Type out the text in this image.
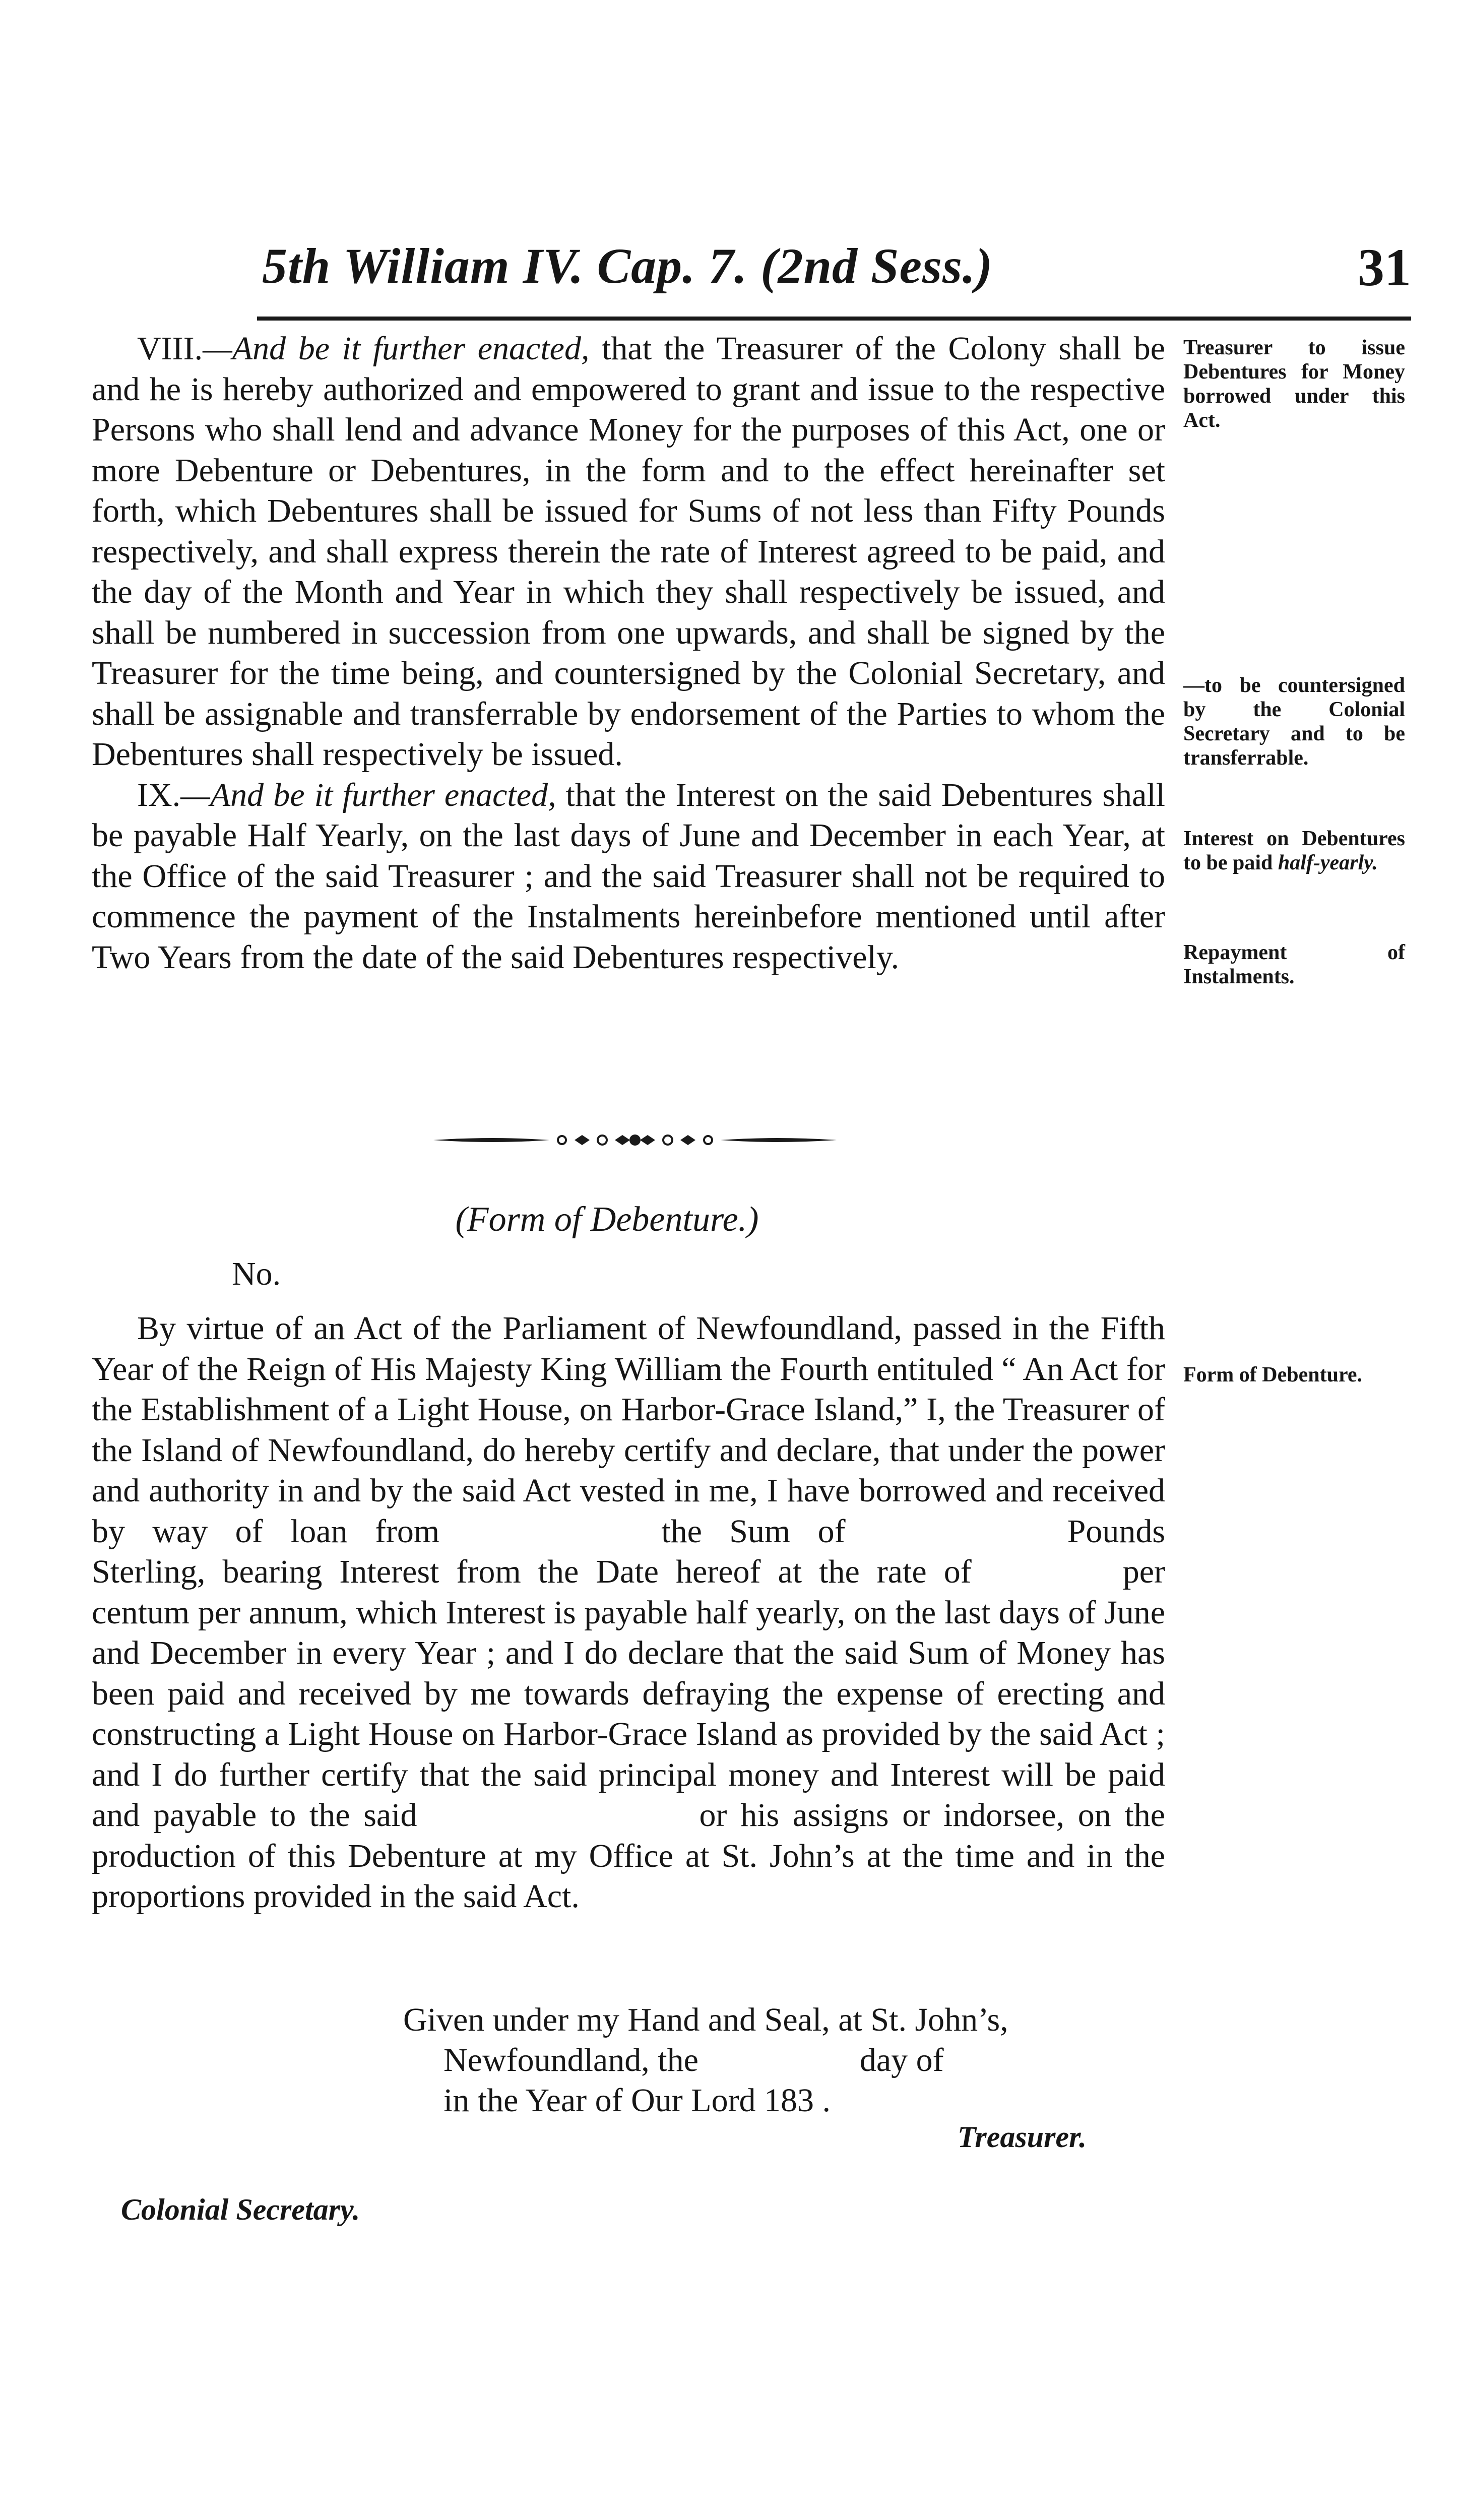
5th William IV. Cap. 7. (2nd Sess.)	31

VIII.—And be it further enacted, that the Treasurer of the Colony shall be and he is hereby authorized and empowered to grant and issue to the respective Persons who shall lend and advance Money for the purposes of this Act, one or more Debenture or Debentures, in the form and to the effect hereinafter set forth, which Debentures shall be issued for Sums of not less than Fifty Pounds respectively, and shall express therein the rate of Interest agreed to be paid, and the day of the Month and Year in which they shall respectively be issued, and shall be numbered in succession from one upwards, and shall be signed by the Treasurer for the time being, and countersigned by the Colonial Secretary, and shall be assignable and transferrable by endorsement of the Parties to whom the Debentures shall respectively be issued.

IX.—And be it further enacted, that the Interest on the said Debentures shall be payable Half Yearly, on the last days of June and December in each Year, at the Office of the said Treasurer ; and the said Treasurer shall not be required to commence the payment of the Instalments hereinbefore mentioned until after Two Years from the date of the said Debentures respectively.

Treasurer to issue Debentures for Money borrowed under this Act.
—to be countersigned by the Colonial Secretary and to be transferrable.
Interest on Debentures to be paid half-yearly.
Repayment of Instalments.
(Form of Debenture.)
No.

By virtue of an Act of the Parliament of Newfoundland, passed in the Fifth Year of the Reign of His Majesty King William the Fourth entituled “ An Act for the Establishment of a Light House, on Harbor-Grace Island,” I, the Treasurer of the Island of Newfoundland, do hereby certify and declare, that under the power and authority in and by the said Act vested in me, I have borrowed and received by way of loan from	the Sum of	Pounds Sterling, bearing Interest from the Date hereof at the rate of	per centum per annum, which Interest is payable half yearly, on the last days of June and December in every Year ; and I do declare that the said Sum of Money has been paid and received by me towards defraying the expense of erecting and constructing a Light House on Harbor-Grace Island as provided by the said Act ; and I do further certify that the said principal money and Interest will be paid and payable to the said	or his assigns or indorsee, on the production of this Debenture at my Office at St. John’s at the time and in the proportions provided in the said Act.

Form of Debenture.
Given under my Hand and Seal, at St. John’s,
Newfoundland, the	day of
in the Year of Our Lord 183 .
Treasurer.
Colonial Secretary.
